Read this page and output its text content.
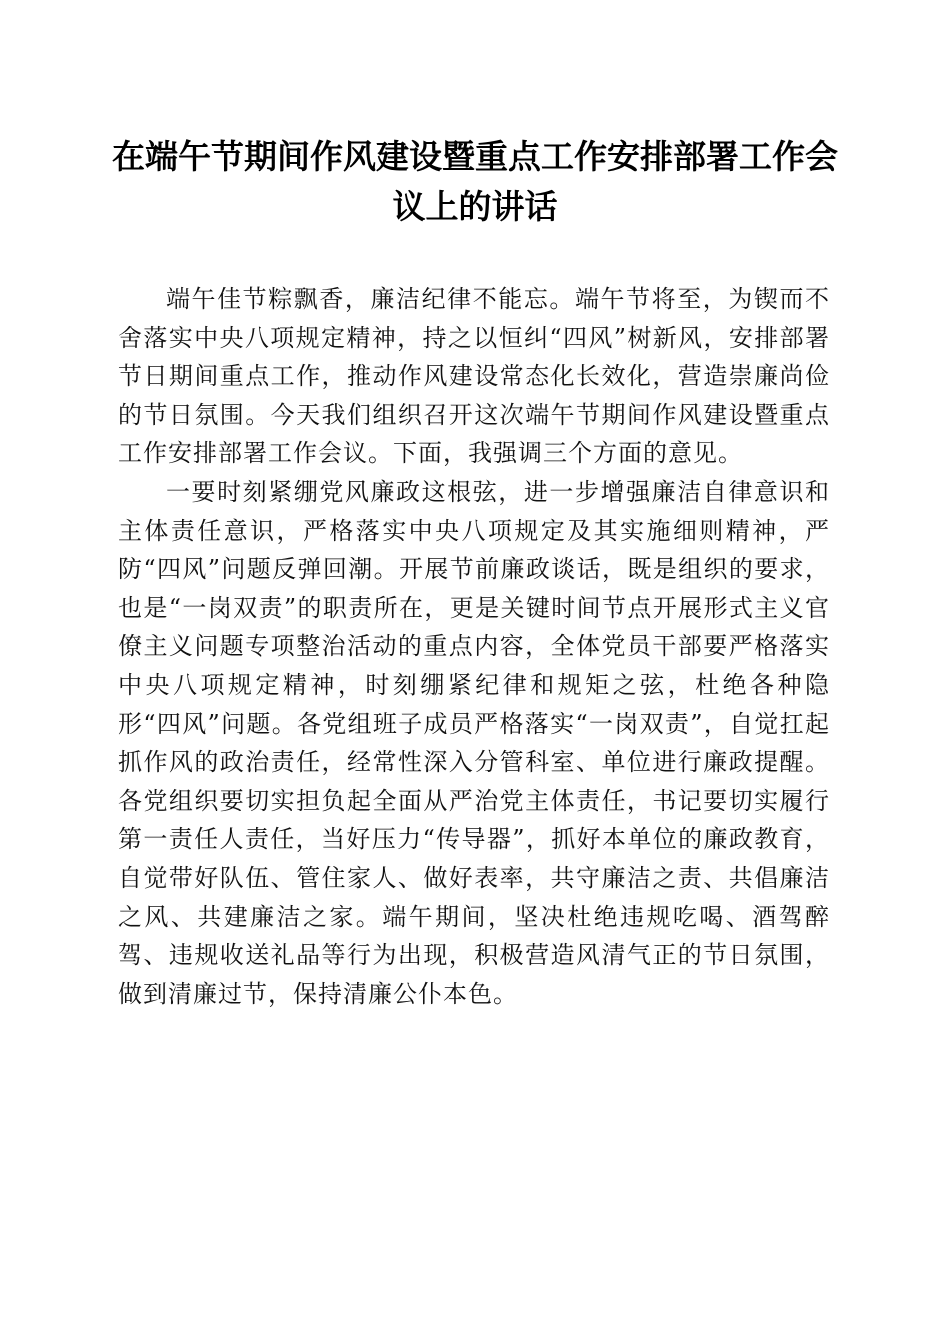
在端午节期间作风建设暨重点工作安排部署工作会议上的讲话

端午佳节粽飘香，廉洁纪律不能忘。端午节将至，为锲而不舍落实中央八项规定精神，持之以恒纠“四风”树新风，安排部署节日期间重点工作，推动作风建设常态化长效化，营造崇廉尚俭的节日氛围。今天我们组织召开这次端午节期间作风建设暨重点工作安排部署工作会议。下面，我强调三个方面的意见。

一要时刻紧绷党风廉政这根弦，进一步增强廉洁自律意识和主体责任意识，严格落实中央八项规定及其实施细则精神，严防“四风”问题反弹回潮。开展节前廉政谈话，既是组织的要求，也是“一岗双责”的职责所在，更是关键时间节点开展形式主义官僚主义问题专项整治活动的重点内容，全体党员干部要严格落实中央八项规定精神，时刻绷紧纪律和规矩之弦，杜绝各种隐形“四风”问题。各党组班子成员严格落实“一岗双责”，自觉扛起抓作风的政治责任，经常性深入分管科室、单位进行廉政提醒。各党组织要切实担负起全面从严治党主体责任，书记要切实履行第一责任人责任，当好压力“传导器”，抓好本单位的廉政教育，自觉带好队伍、管住家人、做好表率，共守廉洁之责、共倡廉洁之风、共建廉洁之家。端午期间，坚决杜绝违规吃喝、酒驾醉驾、违规收送礼品等行为出现，积极营造风清气正的节日氛围，做到清廉过节，保持清廉公仆本色。
